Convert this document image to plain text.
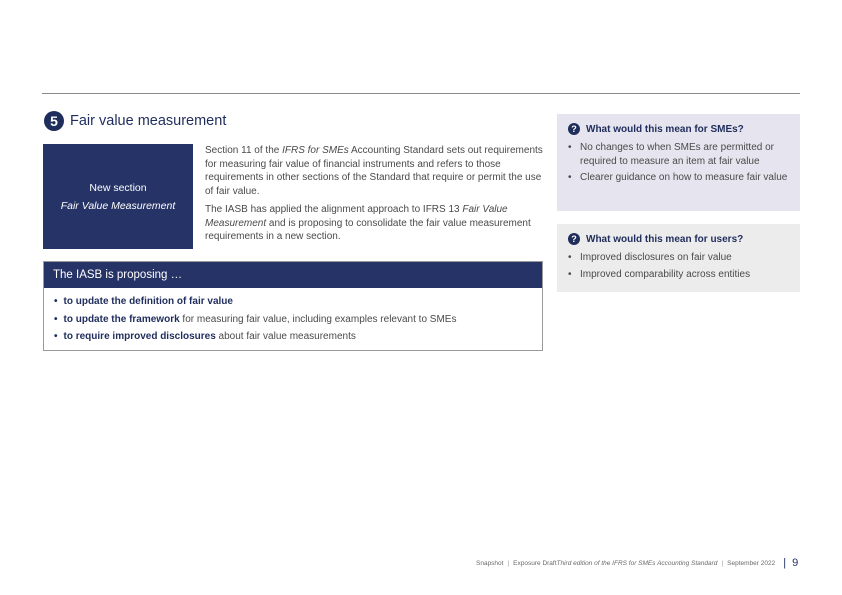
5 Fair value measurement
New section
Fair Value Measurement

Section 11 of the IFRS for SMEs Accounting Standard sets out requirements for measuring fair value of financial instruments and refers to those requirements in other sections of the Standard that require or permit the use of fair value.

The IASB has applied the alignment approach to IFRS 13 Fair Value Measurement and is proposing to consolidate the fair value measurement requirements in a new section.

The IASB is proposing …
• to update the definition of fair value
• to update the framework for measuring fair value, including examples relevant to SMEs
• to require improved disclosures about fair value measurements
? What would this mean for SMEs?
• No changes to when SMEs are permitted or required to measure an item at fair value
• Clearer guidance on how to measure fair value
? What would this mean for users?
• Improved disclosures on fair value
• Improved comparability across entities
Snapshot | Exposure Draft Third edition of the IFRS for SMEs Accounting Standard | September 2022 | 9
